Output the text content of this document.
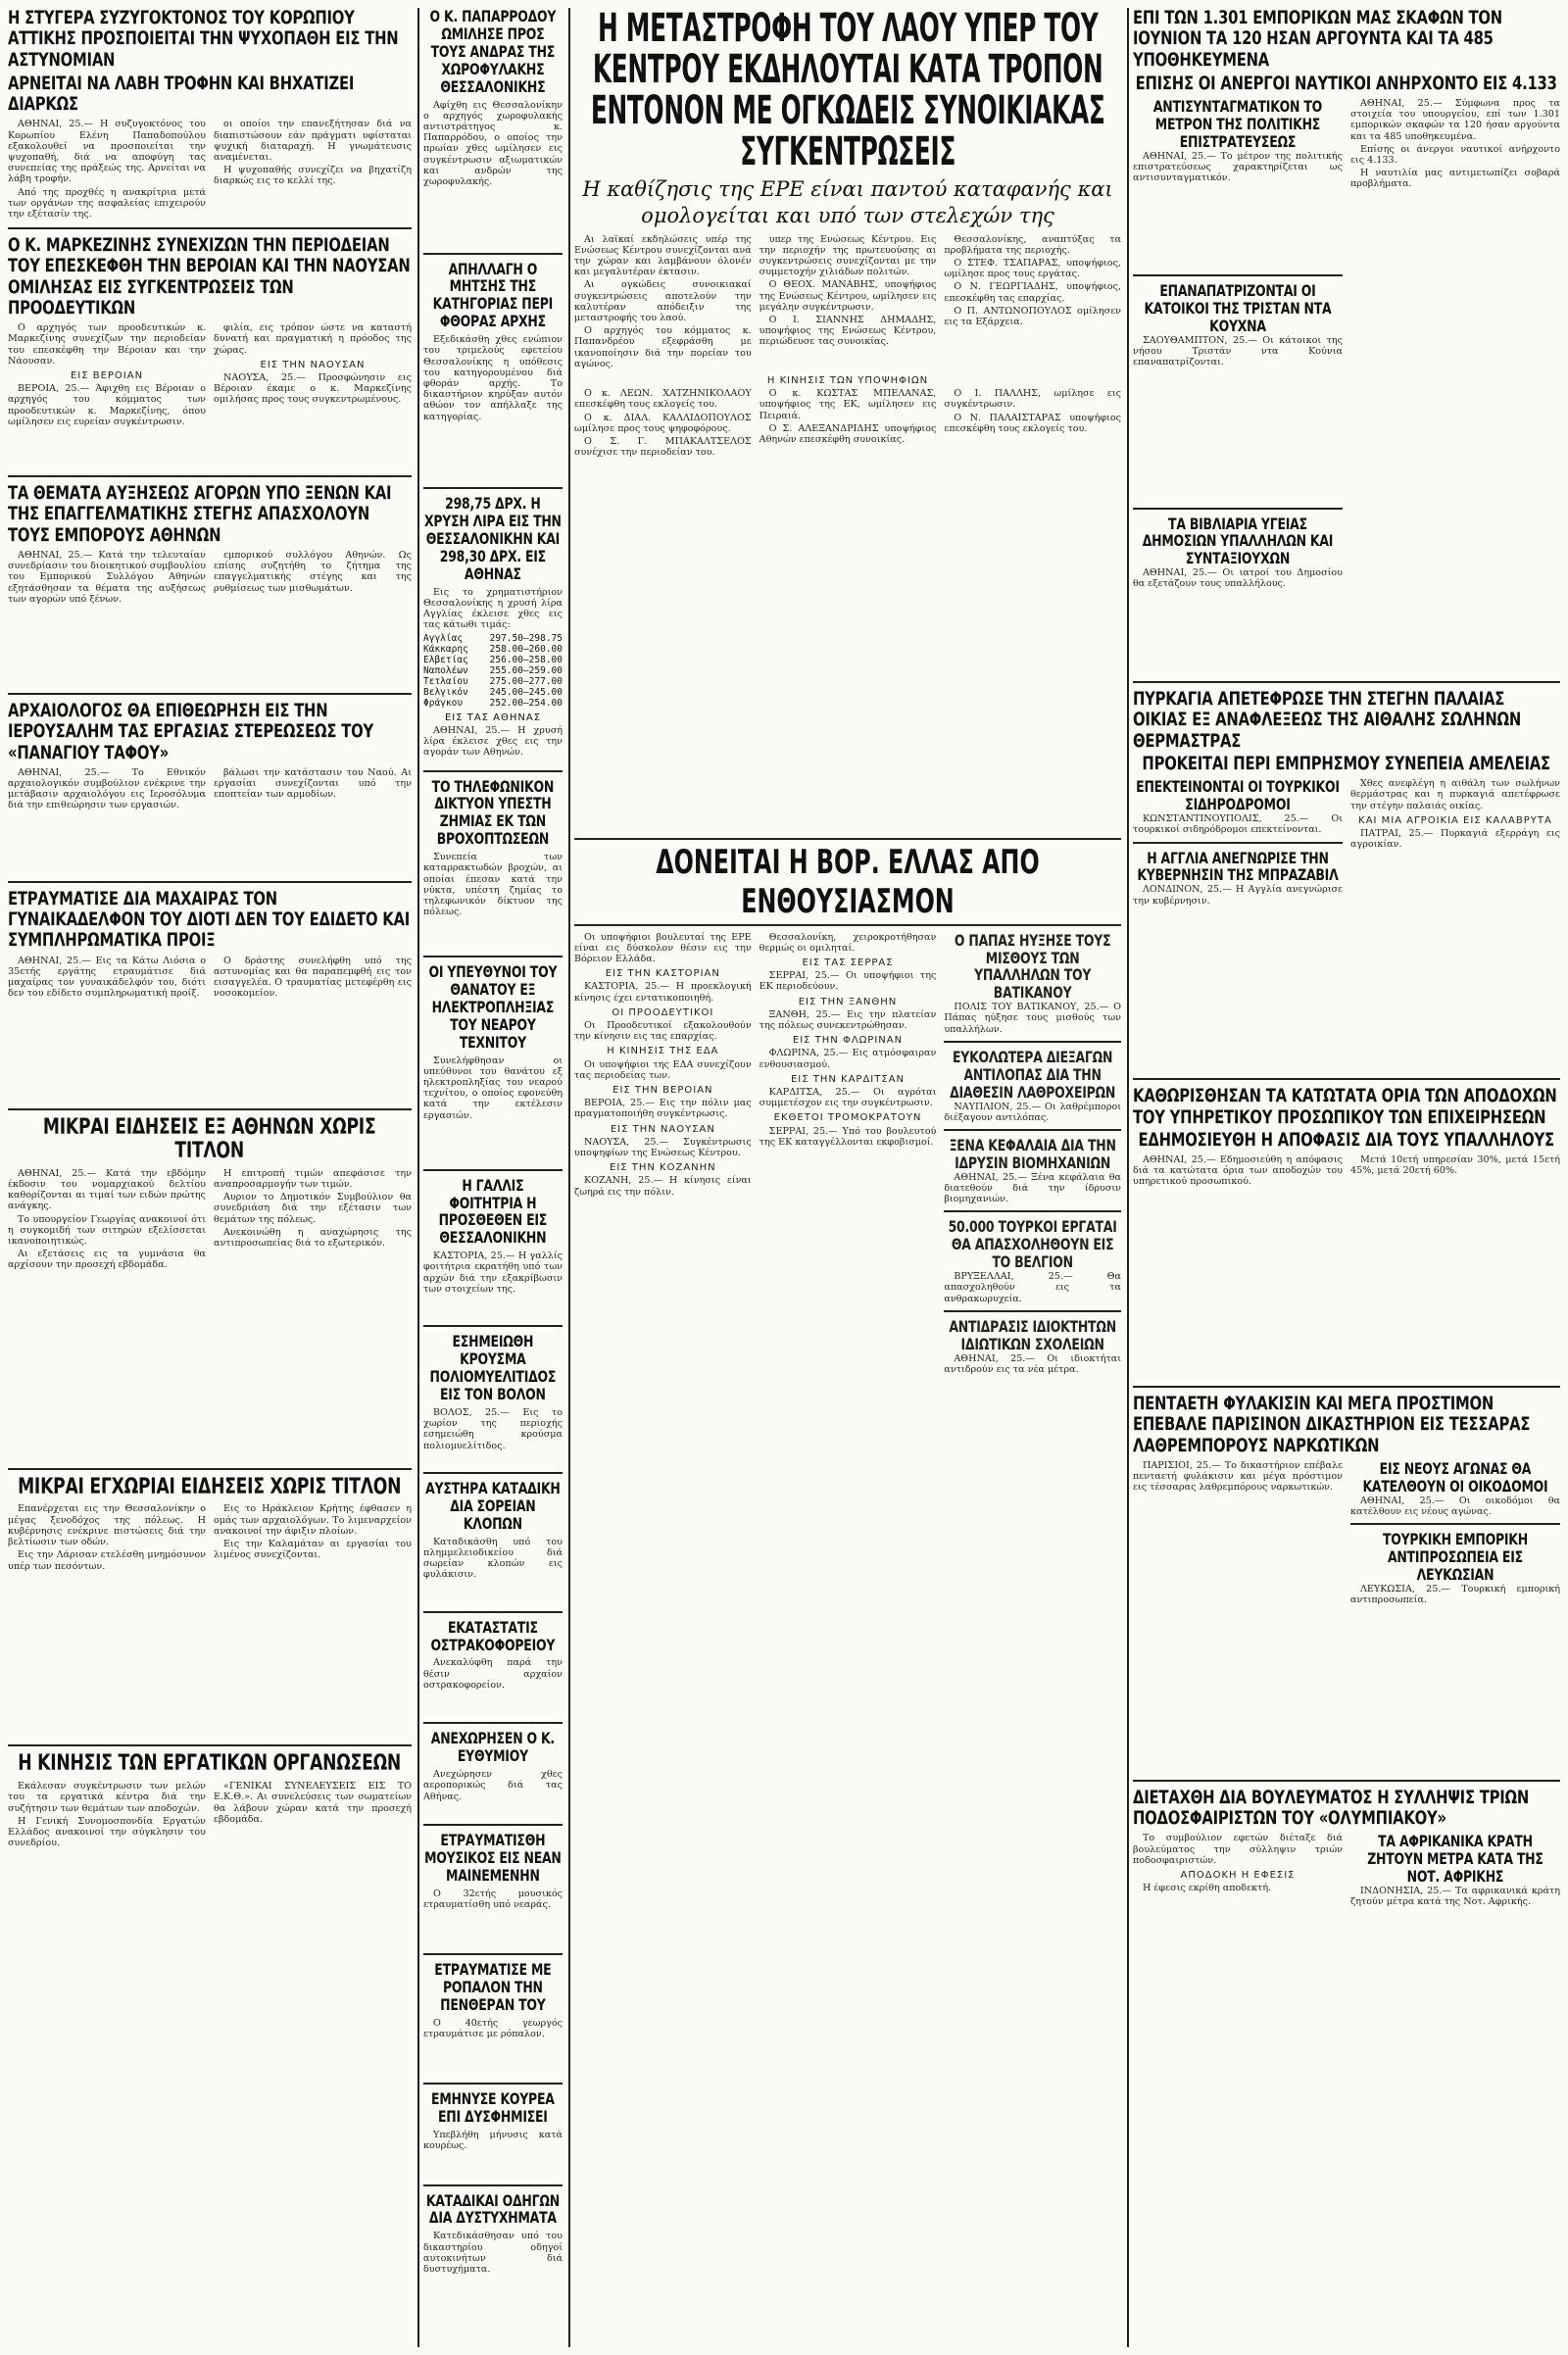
Η ΣΤΥΓΕΡΑ ΣΥΖΥΓΟΚΤΟΝΟΣ ΤΟΥ ΚΟΡΩΠΙΟΥ ΑΤΤΙΚΗΣ ΠΡΟΣΠΟΙΕΙΤΑΙ ΤΗΝ ΨΥΧΟΠΑΘΗ ΕΙΣ ΤΗΝ ΑΣΤΥΝΟΜΙΑΝ
ΑΡΝΕΙΤΑΙ ΝΑ ΛΑΒΗ ΤΡΟΦΗΝ ΚΑΙ ΒΗΧΑΤΙΖΕΙ ΔΙΑΡΚΩΣ

ΑΘΗΝΑΙ, 25.— Η συζυγοκτόνος του Κορωπίου Ελένη Παπαδοπούλου εξακολουθεί να προσποιείται την ψυχοπαθή, διά να αποφύγη τας συνεπείας της πράξεώς της. Αρνείται να λάβη τροφήν.

Από της προχθές η ανακρίτρια μετά των οργάνων της ασφαλείας επιχειρούν την εξέτασίν της.

οι οποίοι την επανεξήτησαν διά να διαπιστώσουν εάν πράγματι υφίσταται ψυχική διαταραχή. Η γνωμάτευσις αναμένεται.

Η ψυχοπαθής συνεχίζει να βηχατίζη διαρκώς εις το κελλί της.

Ο Κ. ΜΑΡΚΕΖΙΝΗΣ ΣΥΝΕΧΙΖΩΝ ΤΗΝ ΠΕΡΙΟΔΕΙΑΝ ΤΟΥ ΕΠΕΣΚΕΦΘΗ ΤΗΝ ΒΕΡΟΙΑΝ ΚΑΙ ΤΗΝ ΝΑΟΥΣΑΝ ΟΜΙΛΗΣΑΣ ΕΙΣ ΣΥΓΚΕΝΤΡΩΣΕΙΣ ΤΩΝ ΠΡΟΟΔΕΥΤΙΚΩΝ

Ο αρχηγός των προοδευτικών κ. Μαρκεζίνης συνεχίζων την περιοδείαν του επεσκέφθη την Βέροιαν και την Νάουσαν.

ΕΙΣ ΒΕΡΟΙΑΝ

ΒΕΡΟΙΑ, 25.— Άφιχθη εις Βέροιαν ο αρχηγός του κόμματος των προοδευτικών κ. Μαρκεζίνης, όπου ωμίλησεν εις ευρείαν συγκέντρωσιν.

φιλία, εις τρόπον ώστε να καταστή δυνατή και πραγματική η πρόοδος της χώρας.

ΕΙΣ ΤΗΝ ΝΑΟΥΣΑΝ

ΝΑΟΥΣΑ, 25.— Προσφώνησιν εις Βέροιαν έκαμε ο κ. Μαρκεζίνης ομιλήσας προς τους συγκεντρωμένους.

ΤΑ ΘΕΜΑΤΑ ΑΥΞΗΣΕΩΣ ΑΓΟΡΩΝ ΥΠΟ ΞΕΝΩΝ ΚΑΙ ΤΗΣ ΕΠΑΓΓΕΛΜΑΤΙΚΗΣ ΣΤΕΓΗΣ ΑΠΑΣΧΟΛΟΥΝ ΤΟΥΣ ΕΜΠΟΡΟΥΣ ΑΘΗΝΩΝ

ΑΘΗΝΑΙ, 25.— Κατά την τελευταίαν συνεδρίασιν του διοικητικού συμβουλίου του Εμπορικού Συλλόγου Αθηνών εξητάσθησαν τα θέματα της αυξήσεως των αγορών υπό ξένων.

εμπορικού συλλόγου Αθηνών. Ως επίσης συζητήθη το ζήτημα της επαγγελματικής στέγης και της ρυθμίσεως των μισθωμάτων.

ΑΡΧΑΙΟΛΟΓΟΣ ΘΑ ΕΠΙΘΕΩΡΗΣΗ ΕΙΣ ΤΗΝ ΙΕΡΟΥΣΑΛΗΜ ΤΑΣ ΕΡΓΑΣΙΑΣ ΣΤΕΡΕΩΣΕΩΣ ΤΟΥ «ΠΑΝΑΓΙΟΥ ΤΑΦΟΥ»

ΑΘΗΝΑΙ, 25.— Το Εθνικόν αρχαιολογικόν συμβούλιον ενέκρινε την μετάβασιν αρχαιολόγου εις Ιεροσόλυμα διά την επιθεώρησιν των εργασιών.

βάλωσι την κατάστασιν του Ναού. Αι εργασίαι συνεχίζονται υπό την εποπτείαν των αρμοδίων.

ΕΤΡΑΥΜΑΤΙΣΕ ΔΙΑ ΜΑΧΑΙΡΑΣ ΤΟΝ ΓΥΝΑΙΚΑΔΕΛΦΟΝ ΤΟΥ ΔΙΟΤΙ ΔΕΝ ΤΟΥ ΕΔΙΔΕΤΟ ΚΑΙ ΣΥΜΠΛΗΡΩΜΑΤΙΚΑ ΠΡΟΙΞ

ΑΘΗΝΑΙ, 25.— Εις τα Κάτω Λιόσια ο 35ετής εργάτης ετραυμάτισε διά μαχαίρας τον γυναικάδελφόν του, διότι δεν του εδίδετο συμπληρωματική προίξ.

Ο δράστης συνελήφθη υπό της αστυνομίας και θα παραπεμφθή εις τον εισαγγελέα. Ο τραυματίας μετεφέρθη εις νοσοκομείον.

ΜΙΚΡΑΙ ΕΙΔΗΣΕΙΣ ΕΞ ΑΘΗΝΩΝ ΧΩΡΙΣ ΤΙΤΛΟΝ

ΑΘΗΝΑΙ, 25.— Κατά την εβδόμην έκδοσιν του νομαρχιακού δελτίου καθορίζονται αι τιμαί των ειδών πρώτης ανάγκης.

Το υπουργείον Γεωργίας ανακοινοί ότι η συγκομιδή των σιτηρών εξελίσσεται ικανοποιητικώς.

Αι εξετάσεις εις τα γυμνάσια θα αρχίσουν την προσεχή εβδομάδα.

Η επιτροπή τιμών απεφάσισε την αναπροσαρμογήν των τιμών.

Αυριον το Δημοτικόν Συμβούλιον θα συνεδριάση διά την εξέτασιν των θεμάτων της πόλεως.

Ανεκοινώθη η αναχώρησις της αντιπροσωπείας διά το εξωτερικόν.

ΜΙΚΡΑΙ ΕΓΧΩΡΙΑΙ ΕΙΔΗΣΕΙΣ ΧΩΡΙΣ ΤΙΤΛΟΝ

Επανέρχεται εις την Θεσσαλονίκην ο μέγας ξενοδόχος της πόλεως. Η κυβέρνησις ενέκρινε πιστώσεις διά την βελτίωσιν των οδών.

Εις την Λάρισαν ετελέσθη μνημόσυνον υπέρ των πεσόντων.

Εις το Ηράκλειον Κρήτης έφθασεν η ομάς των αρχαιολόγων. Το λιμεναρχείον ανακοινοί την άφιξιν πλοίων.

Εις την Καλαμάταν αι εργασίαι του λιμένος συνεχίζονται.

Η ΚΙΝΗΣΙΣ ΤΩΝ ΕΡΓΑΤΙΚΩΝ ΟΡΓΑΝΩΣΕΩΝ

Εκάλεσαν συγκέντρωσιν των μελών του τα εργατικά κέντρα διά την συζήτησιν των θεμάτων των αποδοχών.

Η Γενική Συνομοσπονδία Εργατών Ελλάδος ανακοινοί την σύγκλησιν του συνεδρίου.

«ΓΕΝΙΚΑΙ ΣΥΝΕΛΕΥΣΕΙΣ ΕΙΣ ΤΟ Ε.Κ.Θ.». Αι συνελεύσεις των σωματείων θα λάβουν χώραν κατά την προσεχή εβδομάδα.

Ο Κ. ΠΑΠΑΡΡΟΔΟΥ ΩΜΙΛΗΣΕ ΠΡΟΣ ΤΟΥΣ ΑΝΔΡΑΣ ΤΗΣ ΧΩΡΟΦΥΛΑΚΗΣ ΘΕΣΣΑΛΟΝΙΚΗΣ

Αφίχθη εις Θεσσαλονίκην ο αρχηγός χωροφυλακής αντιστράτηγος κ. Παπαρρόδου, ο οποίος την πρωίαν χθες ωμίλησεν εις συγκέντρωσιν αξιωματικών και ανδρών της χωροφυλακής.

ΑΠΗΛΛΑΓΗ Ο ΜΗΤΣΗΣ ΤΗΣ ΚΑΤΗΓΟΡΙΑΣ ΠΕΡΙ ΦΘΟΡΑΣ ΑΡΧΗΣ

Εξεδικάσθη χθες ενώπιον του τριμελούς εφετείου Θεσσαλονίκης η υπόθεσις του κατηγορουμένου διά φθοράν αρχής. Το δικαστήριον κηρύξαν αυτόν αθώον τον απήλλαξε της κατηγορίας.

298,75 ΔΡΧ. Η ΧΡΥΣΗ ΛΙΡΑ ΕΙΣ ΤΗΝ ΘΕΣΣΑΛΟΝΙΚΗΝ ΚΑΙ 298,30 ΔΡΧ. ΕΙΣ ΑΘΗΝΑΣ

Εις το χρηματιστήριον Θεσσαλονίκης η χρυσή λίρα Αγγλίας έκλεισε χθες εις τας κάτωθι τιμάς:

Αγγλίας	297.50—298.75
Κάκκαρης 258.00—260.00
Ελβετίας 256.00—258.00
Ναπολέων 255.00—259.00
Τετλαίου 275.00—277.00
Βελγικόν 245.00—245.00
Φράγκου	252.00—254.00
ΕΙΣ ΤΑΣ ΑΘΗΝΑΣ

ΑΘΗΝΑΙ, 25.— Η χρυσή λίρα έκλεισε χθες εις την αγοράν των Αθηνών.

ΤΟ ΤΗΛΕΦΩΝΙΚΟΝ ΔΙΚΤΥΟΝ ΥΠΕΣΤΗ ΖΗΜΙΑΣ ΕΚ ΤΩΝ ΒΡΟΧΟΠΤΩΣΕΩΝ

Συνεπεία των καταρρακτωδών βροχών, αι οποίαι έπεσαν κατά την νύκτα, υπέστη ζημίας το τηλεφωνικόν δίκτυον της πόλεως.

ΟΙ ΥΠΕΥΘΥΝΟΙ ΤΟΥ ΘΑΝΑΤΟΥ ΕΞ ΗΛΕΚΤΡΟΠΛΗΞΙΑΣ ΤΟΥ ΝΕΑΡΟΥ ΤΕΧΝΙΤΟΥ

Συνελήφθησαν οι υπεύθυνοι του θανάτου εξ ηλεκτροπληξίας του νεαρού τεχνίτου, ο οποίος εφονεύθη κατά την εκτέλεσιν εργασιών.

Η ΓΑΛΛΙΣ ΦΟΙΤΗΤΡΙΑ Η ΠΡΟΣΘΕΘΕΝ ΕΙΣ ΘΕΣΣΑΛΟΝΙΚΗΝ

ΚΑΣΤΟΡΙΑ, 25.— Η γαλλίς φοιτήτρια εκρατήθη υπό των αρχών διά την εξακρίβωσιν των στοιχείων της.

ΕΣΗΜΕΙΩΘΗ ΚΡΟΥΣΜΑ ΠΟΛΙΟΜΥΕΛΙΤΙΔΟΣ ΕΙΣ ΤΟΝ ΒΟΛΟΝ

ΒΟΛΟΣ, 25.— Εις το χωρίον της περιοχής εσημειώθη κρούσμα πολιομυελίτιδος.

ΑΥΣΤΗΡΑ ΚΑΤΑΔΙΚΗ ΔΙΑ ΣΟΡΕΙΑΝ ΚΛΟΠΩΝ

Καταδικάσθη υπό του πλημμελειοδικείου διά σωρείαν κλοπών εις φυλάκισιν.

ΕΚΑΤΑΣΤΑΤΙΣ ΟΣΤΡΑΚΟΦΟΡΕΙΟΥ

Ανεκαλύφθη παρά την θέσιν αρχαίον οστρακοφορείον.

ΑΝΕΧΩΡΗΣΕΝ Ο Κ. ΕΥΘΥΜΙΟΥ

Ανεχώρησεν χθες αεροπορικώς διά τας Αθήνας.

ΕΤΡΑΥΜΑΤΙΣΘΗ ΜΟΥΣΙΚΟΣ ΕΙΣ ΝΕΑΝ ΜΑΙΝΕΜΕΝΗΝ

Ο 32ετής μουσικός ετραυματίσθη υπό νεαράς.

ΕΤΡΑΥΜΑΤΙΣΕ ΜΕ ΡΟΠΑΛΟΝ ΤΗΝ ΠΕΝΘΕΡΑΝ ΤΟΥ

Ο 40ετής γεωργός ετραυμάτισε με ρόπαλον.

ΕΜΗΝΥΣΕ ΚΟΥΡΕΑ ΕΠΙ ΔΥΣΦΗΜΙΣΕΙ

Υπεβλήθη μήνυσις κατά κουρέως.

ΚΑΤΑΔΙΚΑΙ ΟΔΗΓΩΝ ΔΙΑ ΔΥΣΤΥΧΗΜΑΤΑ

Κατεδικάσθησαν υπό του δικαστηρίου οδηγοί αυτοκινήτων διά δυστυχήματα.

Η ΜΕΤΑΣΤΡΟΦΗ ΤΟΥ ΛΑΟΥ ΥΠΕΡ ΤΟΥ ΚΕΝΤΡΟΥ ΕΚΔΗΛΟΥΤΑΙ ΚΑΤΑ ΤΡΟΠΟΝ ΕΝΤΟΝΟΝ ΜΕ ΟΓΚΩΔΕΙΣ ΣΥΝΟΙΚΙΑΚΑΣ ΣΥΓΚΕΝΤΡΩΣΕΙΣ
Η καθίζησις της ΕΡΕ είναι παντού καταφανής και ομολογείται και υπό των στελεχών της

Αι λαϊκαί εκδηλώσεις υπέρ της Ενώσεως Κέντρου συνεχίζονται ανά την χώραν και λαμβάνουν όλονέν και μεγαλυτέραν έκτασιν.

Αι ογκώδεις συνοικιακαί συγκεντρώσεις αποτελούν την καλυτέραν απόδειξιν της μεταστροφής του λαού.

Ο αρχηγός του κόμματος κ. Παπανδρέου εξεφράσθη με ικανοποίησιν διά την πορείαν του αγώνος.

υπερ της Ενώσεως Κέντρου. Εις την περιοχήν της πρωτευούσης αι συγκεντρώσεις συνεχίζονται με την συμμετοχήν χιλιάδων πολιτών.

Ο ΘΕΟΧ. ΜΑΝΑΒΗΣ, υποψήφιος της Ενώσεως Κέντρου, ωμίλησεν εις μεγάλην συγκέντρωσιν.

Ο Ι. ΣΙΑΝΝΗΣ ΔΗΜΑΔΗΣ, υποψήφιος της Ενώσεως Κέντρου, περιώδευσε τας συνοικίας.

Θεσσαλονίκης, αναπτύξας τα προβλήματα της περιοχής.

Ο ΣΤΕΦ. ΤΣΑΠΑΡΑΣ, υποψήφιος, ωμίλησε προς τους εργάτας.

Ο Ν. ΓΕΩΡΓΙΑΔΗΣ, υποψήφιος, επεσκέφθη τας επαρχίας.

Ο Π. ΑΝΤΩΝΟΠΟΥΛΟΣ ομίλησεν εις τα Εξάρχεια.

Η ΚΙΝΗΣΙΣ ΤΩΝ ΥΠΟΨΗΦΙΩΝ

Ο κ. ΛΕΩΝ. ΧΑΤΖΗΝΙΚΟΛΑΟΥ επεσκέφθη τους εκλογείς του.

Ο κ. ΔΙΑΛ. ΚΑΛΛΙΔΟΠΟΥΛΟΣ ωμίλησε προς τους ψηφοφόρους.

Ο Σ. Γ. ΜΠΑΚΑΛΤΣΕΛΟΣ συνέχισε την περιοδείαν του.

Ο κ. ΚΩΣΤΑΣ ΜΠΕΛΑΝΑΣ, υποψήφιος της ΕΚ, ωμίλησεν εις Πειραιά.

Ο Σ. ΑΛΕΞΑΝΔΡΙΔΗΣ υποψήφιος Αθηνών επεσκέφθη συνοικίας.

Ο Ι. ΠΑΛΛΗΣ, ωμίλησε εις συγκέντρωσιν.

Ο Ν. ΠΑΛΑΙΣΤΑΡΑΣ υποψήφιος επεσκέφθη τους εκλογείς του.

ΔΟΝΕΙΤΑΙ Η ΒΟΡ. ΕΛΛΑΣ ΑΠΟ ΕΝΘΟΥΣΙΑΣΜΟΝ

Οι υποψήφιοι βουλευταί της ΕΡΕ είναι εις δύσκολον θέσιν εις την Βόρειον Ελλάδα.

ΕΙΣ ΤΗΝ ΚΑΣΤΟΡΙΑΝ

ΚΑΣΤΟΡΙΑ, 25.— Η προεκλογική κίνησις έχει εντατικοποιηθή.

ΟΙ ΠΡΟΟΔΕΥΤΙΚΟΙ

Οι Προοδευτικοί εξακολουθούν την κίνησιν εις τας επαρχίας.

Η ΚΙΝΗΣΙΣ ΤΗΣ ΕΔΑ

Οι υποψήφιοι της ΕΔΑ συνεχίζουν τας περιοδείας των.

ΕΙΣ ΤΗΝ ΒΕΡΟΙΑΝ

ΒΕΡΟΙΑ, 25.— Εις την πόλιν μας πραγματοποιήθη συγκέντρωσις.

ΕΙΣ ΤΗΝ ΝΑΟΥΣΑΝ

ΝΑΟΥΣΑ, 25.— Συγκέντρωσις υποψηφίων της Ενώσεως Κέντρου.

ΕΙΣ ΤΗΝ ΚΟΖΑΝΗΝ

ΚΟΖΑΝΗ, 25.— Η κίνησις είναι ζωηρά εις την πόλιν.

Θεσσαλονίκη, χειροκροτήθησαν θερμώς οι ομιληταί.

ΕΙΣ ΤΑΣ ΣΕΡΡΑΣ

ΣΕΡΡΑΙ, 25.— Οι υποψήφιοι της ΕΚ περιοδεύουν.

ΕΙΣ ΤΗΝ ΞΑΝΘΗΝ

ΞΑΝΘΗ, 25.— Εις την πλατείαν της πόλεως συνεκεντρώθησαν.

ΕΙΣ ΤΗΝ ΦΛΩΡΙΝΑΝ

ΦΛΩΡΙΝΑ, 25.— Εις ατμόσφαιραν ενθουσιασμού.

ΕΙΣ ΤΗΝ ΚΑΡΔΙΤΣΑΝ

ΚΑΡΔΙΤΣΑ, 25.— Οι αγρόται συμμετέσχον εις την συγκέντρωσιν.

ΕΚΘΕΤΟΙ ΤΡΟΜΟΚΡΑΤΟΥΝ

ΣΕΡΡΑΙ, 25.— Υπό του βουλευτού της ΕΚ καταγγέλλονται εκφοβισμοί.

Ο ΠΑΠΑΣ ΗΥΞΗΣΕ ΤΟΥΣ ΜΙΣΘΟΥΣ ΤΩΝ ΥΠΑΛΛΗΛΩΝ ΤΟΥ ΒΑΤΙΚΑΝΟΥ

ΠΟΛΙΣ ΤΟΥ ΒΑΤΙΚΑΝΟΥ, 25.— Ο Πάπας ηύξησε τους μισθούς των υπαλλήλων.

ΕΥΚΟΛΩΤΕΡΑ ΔΙΕΞΑΓΩΝ ΑΝΤΙΛΟΠΑΣ ΔΙΑ ΤΗΝ ΔΙΑΘΕΣΙΝ ΛΑΘΡΟΧΕΙΡΩΝ

ΝΑΥΠΛΙΟΝ, 25.— Οι λαθρέμποροι διέξαγουν αντιλόπας.

ΞΕΝΑ ΚΕΦΑΛΑΙΑ ΔΙΑ ΤΗΝ ΙΔΡΥΣΙΝ ΒΙΟΜΗΧΑΝΙΩΝ

ΑΘΗΝΑΙ, 25.— Ξένα κεφάλαια θα διατεθούν διά την ίδρυσιν βιομηχανιών.

50.000 ΤΟΥΡΚΟΙ ΕΡΓΑΤΑΙ ΘΑ ΑΠΑΣΧΟΛΗΘΟΥΝ ΕΙΣ ΤΟ ΒΕΛΓΙΟΝ

ΒΡΥΞΕΛΛΑΙ, 25.— Θα απασχοληθούν εις τα ανθρακωρυχεία.

ΑΝΤΙΔΡΑΣΙΣ ΙΔΙΟΚΤΗΤΩΝ ΙΔΙΩΤΙΚΩΝ ΣΧΟΛΕΙΩΝ

ΑΘΗΝΑΙ, 25.— Οι ιδιοκτήται αντιδρούν εις τα νέα μέτρα.

ΕΠΙ ΤΩΝ 1.301 ΕΜΠΟΡΙΚΩΝ ΜΑΣ ΣΚΑΦΩΝ ΤΟΝ ΙΟΥΝΙΟΝ ΤΑ 120 ΗΣΑΝ ΑΡΓΟΥΝΤΑ ΚΑΙ ΤΑ 485 ΥΠΟΘΗΚΕΥΜΕΝΑ
ΕΠΙΣΗΣ ΟΙ ΑΝΕΡΓΟΙ ΝΑΥΤΙΚΟΙ ΑΝΗΡΧΟΝΤΟ ΕΙΣ 4.133
ΑΝΤΙΣΥΝΤΑΓΜΑΤΙΚΟΝ ΤΟ ΜΕΤΡΟΝ ΤΗΣ ΠΟΛΙΤΙΚΗΣ ΕΠΙΣΤΡΑΤΕΥΣΕΩΣ

ΑΘΗΝΑΙ, 25.— Το μέτρον της πολιτικής επιστρατεύσεως χαρακτηρίζεται ως αντισυνταγματικόν.

ΕΠΑΝΑΠΑΤΡΙΖΟΝΤΑΙ ΟΙ ΚΑΤΟΙΚΟΙ ΤΗΣ ΤΡΙΣΤΑΝ ΝΤΑ ΚΟΥΧΝΑ

ΣΑΟΥΘΑΜΠΤΟΝ, 25.— Οι κάτοικοι της νήσου Τριστάν ντα Κούνια επαναπατρίζονται.

ΤΑ ΒΙΒΛΙΑΡΙΑ ΥΓΕΙΑΣ ΔΗΜΟΣΙΩΝ ΥΠΑΛΛΗΛΩΝ ΚΑΙ ΣΥΝΤΑΞΙΟΥΧΩΝ

ΑΘΗΝΑΙ, 25.— Οι ιατροί του Δημοσίου θα εξετάζουν τους υπαλλήλους.

ΑΘΗΝΑΙ, 25.— Σύμφωνα προς τα στοιχεία του υπουργείου, επί των 1.301 εμπορικών σκαφών τα 120 ήσαν αργούντα και τα 485 υποθηκευμένα.

Επίσης οι άνεργοι ναυτικοί ανήρχοντο εις 4.133.

Η ναυτιλία μας αντιμετωπίζει σοβαρά προβλήματα.

ΠΥΡΚΑΓΙΑ ΑΠΕΤΕΦΡΩΣΕ ΤΗΝ ΣΤΕΓΗΝ ΠΑΛΑΙΑΣ ΟΙΚΙΑΣ ΕΞ ΑΝΑΦΛΕΞΕΩΣ ΤΗΣ ΑΙΘΑΛΗΣ ΣΩΛΗΝΩΝ ΘΕΡΜΑΣΤΡΑΣ
ΠΡΟΚΕΙΤΑΙ ΠΕΡΙ ΕΜΠΡΗΣΜΟΥ ΣΥΝΕΠΕΙΑ ΑΜΕΛΕΙΑΣ
ΕΠΕΚΤΕΙΝΟΝΤΑΙ ΟΙ ΤΟΥΡΚΙΚΟΙ ΣΙΔΗΡΟΔΡΟΜΟΙ

ΚΩΝΣΤΑΝΤΙΝΟΥΠΟΛΙΣ, 25.— Οι τουρκικοί σιδηρόδρομοι επεκτείνονται.

Η ΑΓΓΛΙΑ ΑΝΕΓΝΩΡΙΣΕ ΤΗΝ ΚΥΒΕΡΝΗΣΙΝ ΤΗΣ ΜΠΡΑΖΑΒΙΛ

ΛΟΝΔΙΝΟΝ, 25.— Η Αγγλία ανεγνώρισε την κυβέρνησιν.

Χθες ανεφλέγη η αιθάλη των σωλήνων θερμάστρας και η πυρκαγιά απετέφρωσε την στέγην παλαιάς οικίας.

ΚΑΙ ΜΙΑ ΑΓΡΟΙΚΙΑ ΕΙΣ ΚΑΛΑΒΡΥΤΑ

ΠΑΤΡΑΙ, 25.— Πυρκαγιά εξερράγη εις αγροικίαν.

ΚΑΘΩΡΙΣΘΗΣΑΝ ΤΑ ΚΑΤΩΤΑΤΑ ΟΡΙΑ ΤΩΝ ΑΠΟΔΟΧΩΝ ΤΟΥ ΥΠΗΡΕΤΙΚΟΥ ΠΡΟΣΩΠΙΚΟΥ ΤΩΝ ΕΠΙΧΕΙΡΗΣΕΩΝ
ΕΔΗΜΟΣΙΕΥΘΗ Η ΑΠΟΦΑΣΙΣ ΔΙΑ ΤΟΥΣ ΥΠΑΛΛΗΛΟΥΣ

ΑΘΗΝΑΙ, 25.— Εδημοσιεύθη η απόφασις διά τα κατώτατα όρια των αποδοχών του υπηρετικού προσωπικού.

Μετά 10ετή υπηρεσίαν 30%, μετά 15ετή 45%, μετά 20ετή 60%.

ΠΕΝΤΑΕΤΗ ΦΥΛΑΚΙΣΙΝ ΚΑΙ ΜΕΓΑ ΠΡΟΣΤΙΜΟΝ ΕΠΕΒΑΛΕ ΠΑΡΙΣΙΝΟΝ ΔΙΚΑΣΤΗΡΙΟΝ ΕΙΣ ΤΕΣΣΑΡΑΣ ΛΑΘΡΕΜΠΟΡΟΥΣ ΝΑΡΚΩΤΙΚΩΝ

ΠΑΡΙΣΙΟΙ, 25.— Το δικαστήριον επέβαλε πενταετή φυλάκισιν και μέγα πρόστιμον εις τέσσαρας λαθρεμπόρους ναρκωτικών.

ΕΙΣ ΝΕΟΥΣ ΑΓΩΝΑΣ ΘΑ ΚΑΤΕΛΘΟΥΝ ΟΙ ΟΙΚΟΔΟΜΟΙ

ΑΘΗΝΑΙ, 25.— Οι οικοδόμοι θα κατέλθουν εις νέους αγώνας.

ΤΟΥΡΚΙΚΗ ΕΜΠΟΡΙΚΗ ΑΝΤΙΠΡΟΣΩΠΕΙΑ ΕΙΣ ΛΕΥΚΩΣΙΑΝ

ΛΕΥΚΩΣΙΑ, 25.— Τουρκική εμπορική αντιπροσωπεία.

ΔΙΕΤΑΧΘΗ ΔΙΑ ΒΟΥΛΕΥΜΑΤΟΣ Η ΣΥΛΛΗΨΙΣ ΤΡΙΩΝ ΠΟΔΟΣΦΑΙΡΙΣΤΩΝ ΤΟΥ «ΟΛΥΜΠΙΑΚΟΥ»

Το συμβούλιον εφετών διέταξε διά βουλεύματος την σύλληψιν τριών ποδοσφαιριστών.

ΑΠΟΔΟΚΗ Η ΕΦΕΣΙΣ

Η έφεσις εκρίθη αποδεκτή.

ΤΑ ΑΦΡΙΚΑΝΙΚΑ ΚΡΑΤΗ ΖΗΤΟΥΝ ΜΕΤΡΑ ΚΑΤΑ ΤΗΣ ΝΟΤ. ΑΦΡΙΚΗΣ

ΙΝΔΟΝΗΣΙΑ, 25.— Τα αφρικανικά κράτη ζητούν μέτρα κατά της Νοτ. Αφρικής.
